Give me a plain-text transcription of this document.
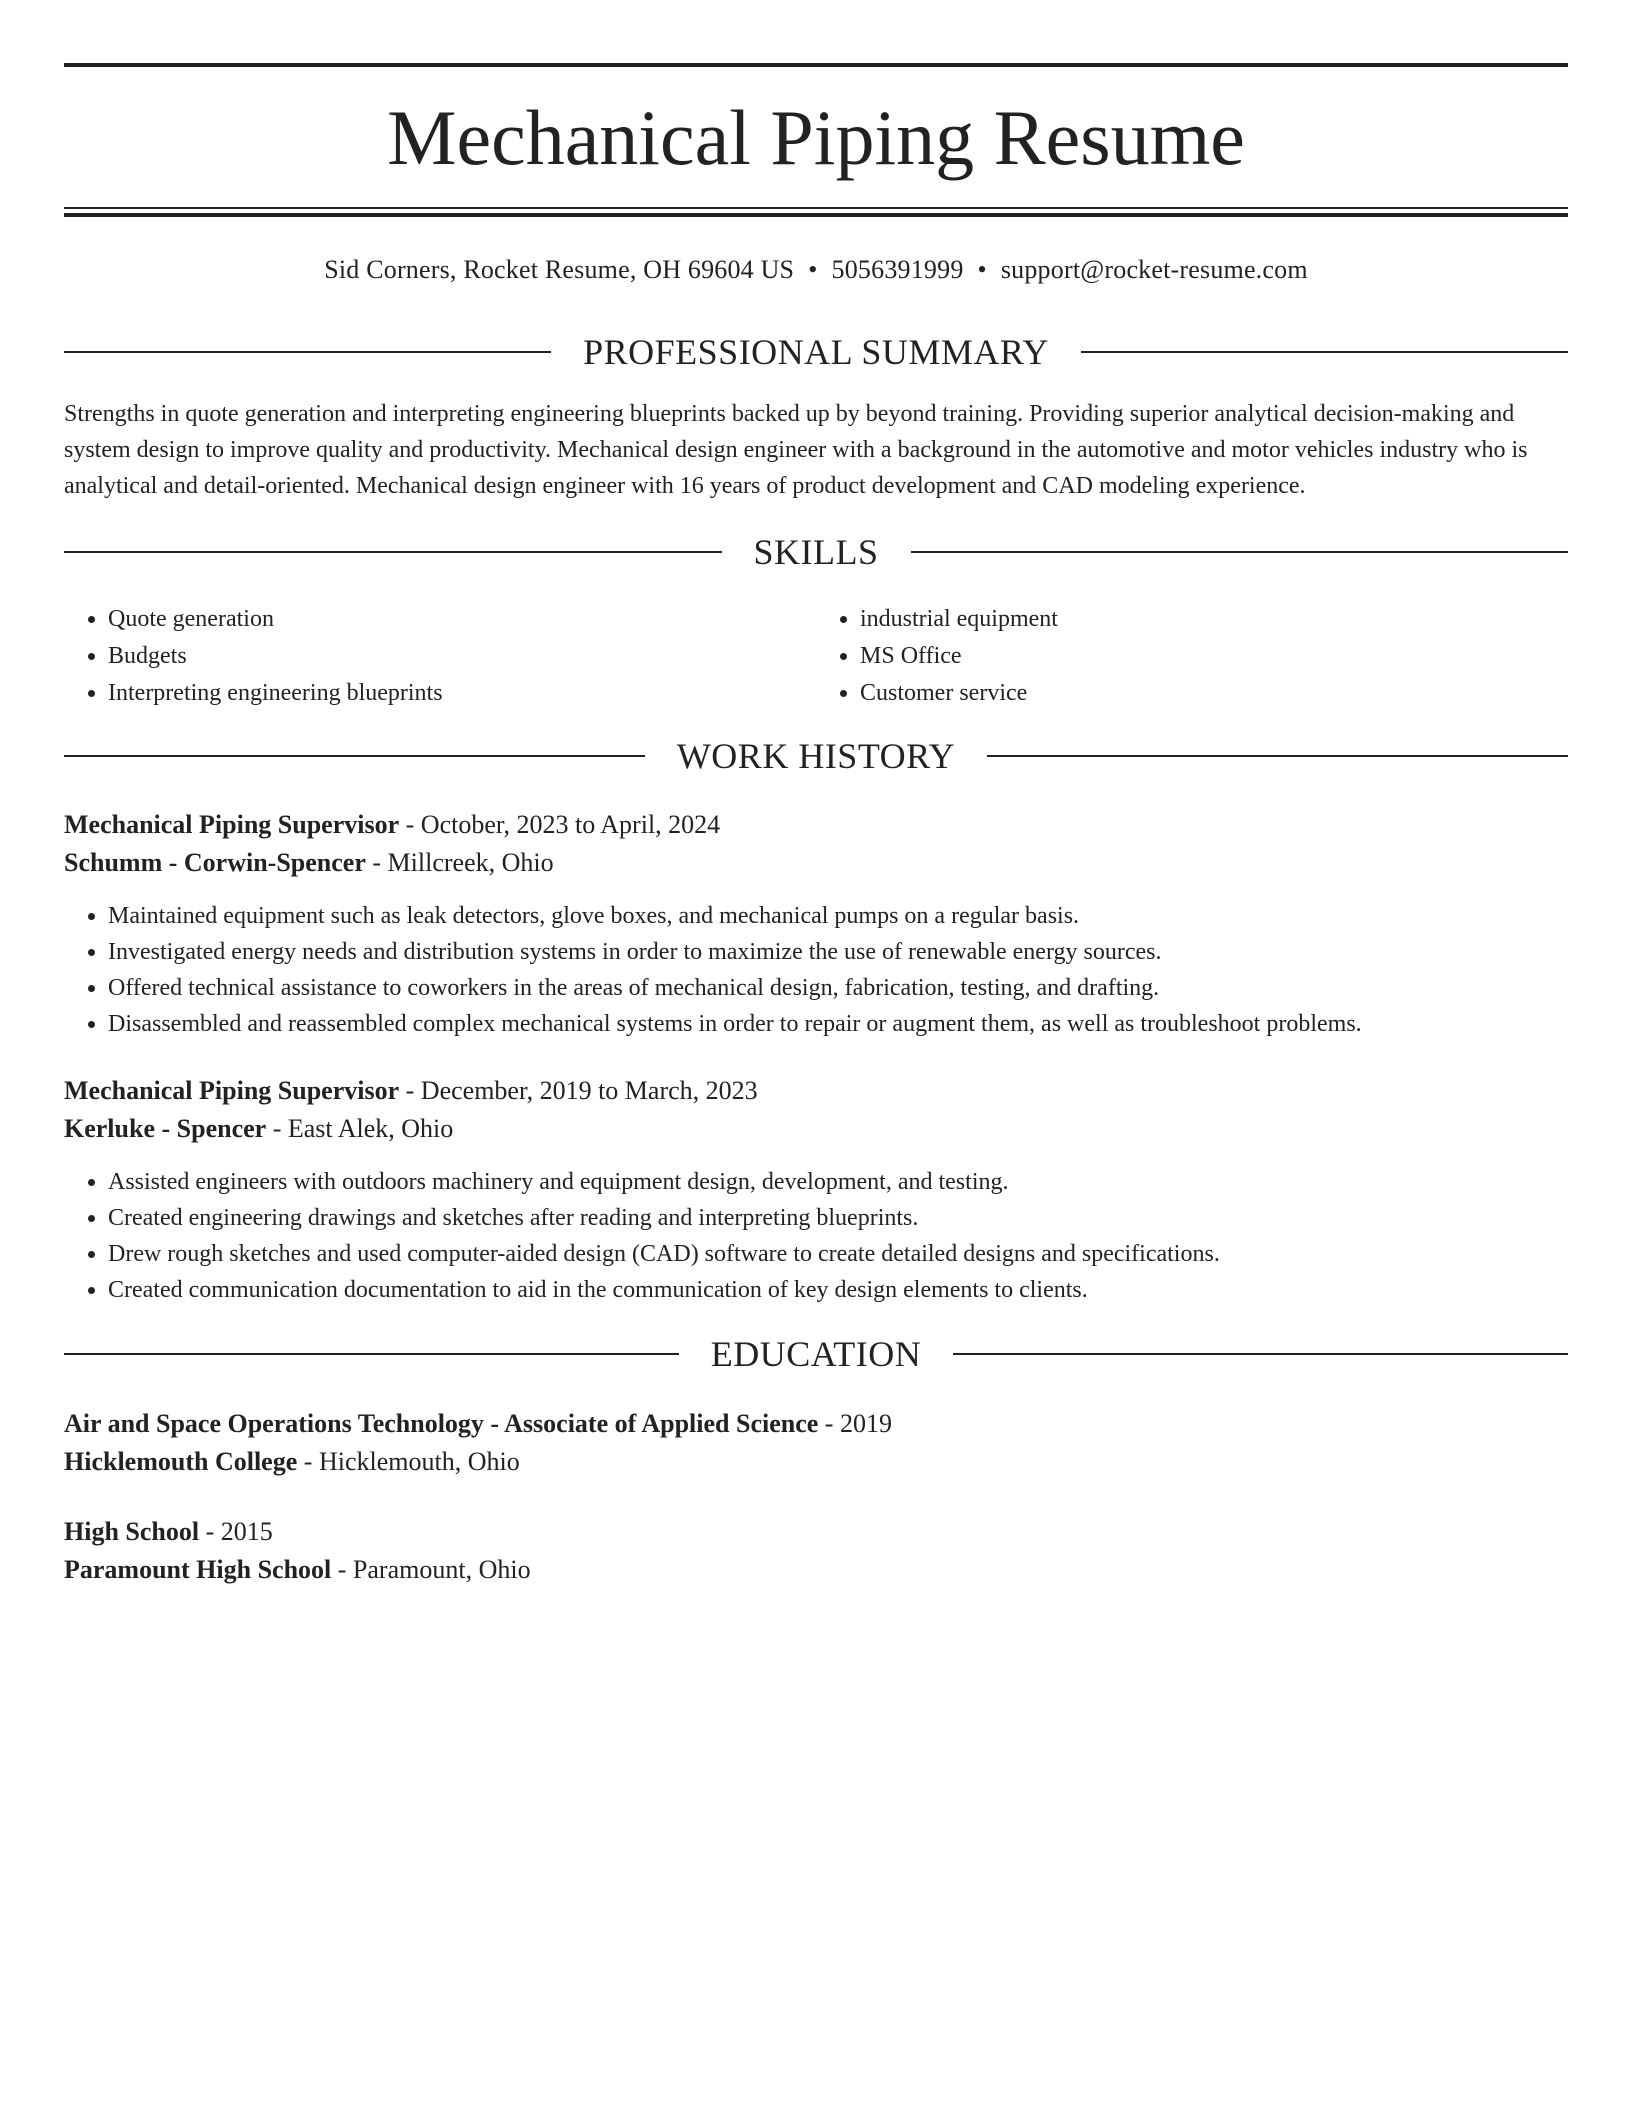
Mechanical Piping Resume
Sid Corners, Rocket Resume, OH 69604 US • 5056391999 • support@rocket-resume.com
PROFESSIONAL SUMMARY

Strengths in quote generation and interpreting engineering blueprints backed up by beyond training. Providing superior analytical decision-making and system design to improve quality and productivity. Mechanical design engineer with a background in the automotive and motor vehicles industry who is analytical and detail-oriented. Mechanical design engineer with 16 years of product development and CAD modeling experience.

SKILLS
• Quote generation
• Budgets
• Interpreting engineering blueprints
• industrial equipment
• MS Office
• Customer service
WORK HISTORY
Mechanical Piping Supervisor - October, 2023 to April, 2024
Schumm - Corwin-Spencer - Millcreek, Ohio
• Maintained equipment such as leak detectors, glove boxes, and mechanical pumps on a regular basis.
• Investigated energy needs and distribution systems in order to maximize the use of renewable energy sources.
• Offered technical assistance to coworkers in the areas of mechanical design, fabrication, testing, and drafting.
• Disassembled and reassembled complex mechanical systems in order to repair or augment them, as well as troubleshoot problems.
Mechanical Piping Supervisor - December, 2019 to March, 2023
Kerluke - Spencer - East Alek, Ohio
• Assisted engineers with outdoors machinery and equipment design, development, and testing.
• Created engineering drawings and sketches after reading and interpreting blueprints.
• Drew rough sketches and used computer-aided design (CAD) software to create detailed designs and specifications.
• Created communication documentation to aid in the communication of key design elements to clients.
EDUCATION
Air and Space Operations Technology - Associate of Applied Science - 2019
Hicklemouth College - Hicklemouth, Ohio
High School - 2015
Paramount High School - Paramount, Ohio
